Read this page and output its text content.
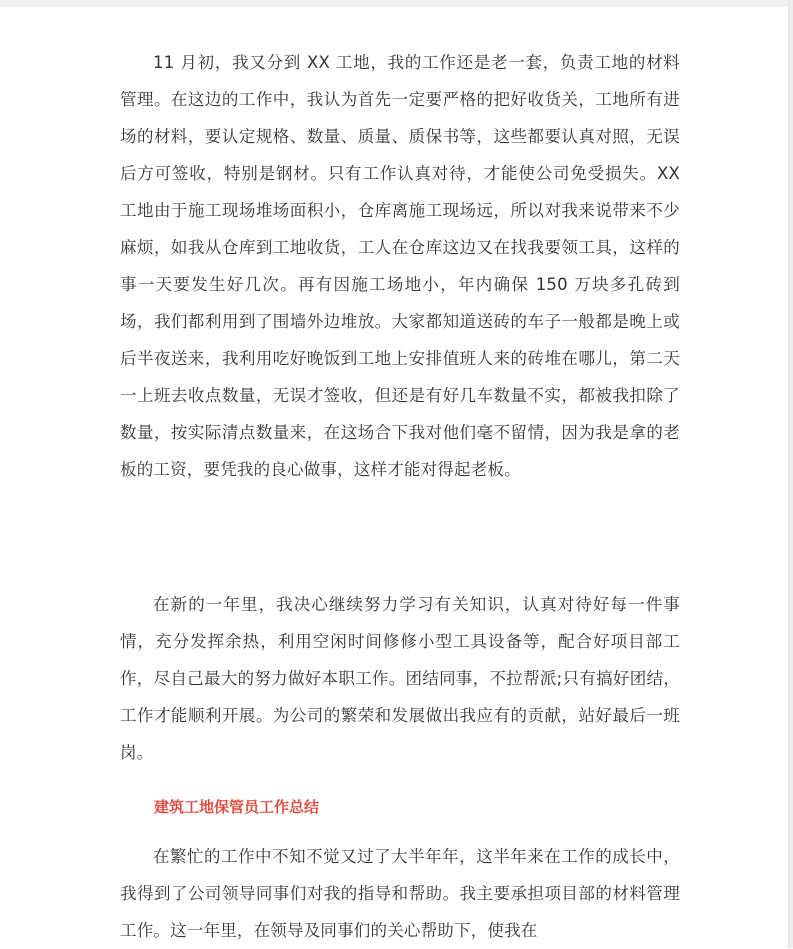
11 月初，我又分到 XX 工地，我的工作还是老一套，负责工地的材料管理。在这边的工作中，我认为首先一定要严格的把好收货关，工地所有进场的材料，要认定规格、数量、质量、质保书等，这些都要认真对照，无误后方可签收，特别是钢材。只有工作认真对待，才能使公司免受损失。XX 工地由于施工现场堆场面积小，仓库离施工现场远，所以对我来说带来不少麻烦，如我从仓库到工地收货，工人在仓库这边又在找我要领工具，这样的事一天要发生好几次。再有因施工场地小，年内确保 150 万块多孔砖到场，我们都利用到了围墙外边堆放。大家都知道送砖的车子一般都是晚上或后半夜送来，我利用吃好晚饭到工地上安排值班人来的砖堆在哪儿，第二天一上班去收点数量，无误才签收，但还是有好几车数量不实，都被我扣除了数量，按实际清点数量来，在这场合下我对他们毫不留情，因为我是拿的老板的工资，要凭我的良心做事，这样才能对得起老板。

在新的一年里，我决心继续努力学习有关知识，认真对待好每一件事情，充分发挥余热，利用空闲时间修修小型工具设备等，配合好项目部工作，尽自己最大的努力做好本职工作。团结同事，不拉帮派;只有搞好团结，工作才能顺利开展。为公司的繁荣和发展做出我应有的贡献，站好最后一班岗。

建筑工地保管员工作总结

在繁忙的工作中不知不觉又过了大半年年，这半年来在工作的成长中，我得到了公司领导同事们对我的指导和帮助。我主要承担项目部的材料管理工作。这一年里，在领导及同事们的关心帮助下，使我在
